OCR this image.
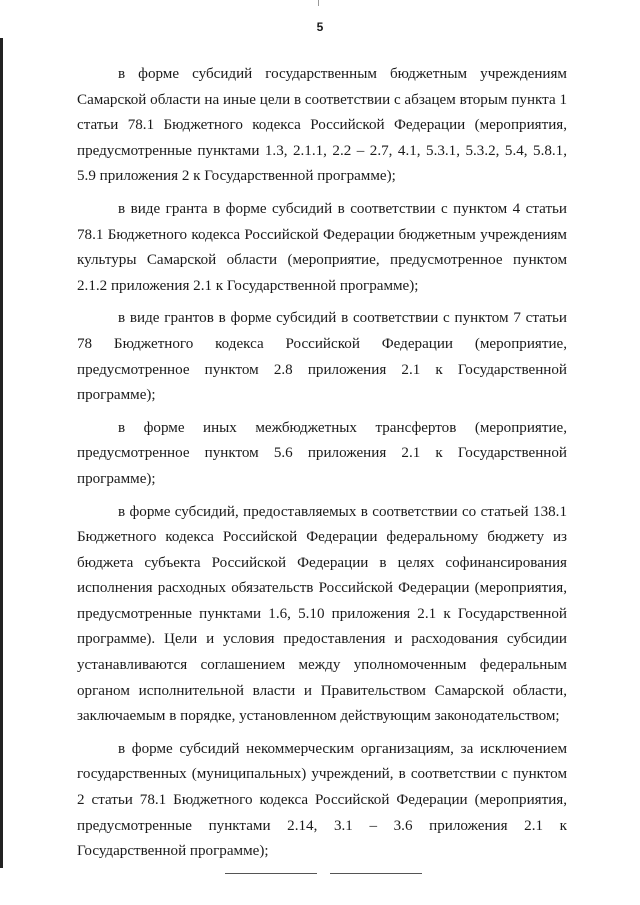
5

в форме субсидий государственным бюджетным учреждениям Самарской области на иные цели в соответствии с абзацем вторым пункта 1 статьи 78.1 Бюджетного кодекса Российской Федерации (мероприятия, предусмотренные пунктами 1.3, 2.1.1, 2.2 – 2.7, 4.1, 5.3.1, 5.3.2, 5.4, 5.8.1, 5.9 приложения 2 к Государственной программе);

в виде гранта в форме субсидий в соответствии с пунктом 4 статьи 78.1 Бюджетного кодекса Российской Федерации бюджетным учреждениям культуры Самарской области (мероприятие, предусмотренное пунктом 2.1.2 приложения 2.1 к Государственной программе);

в виде грантов в форме субсидий в соответствии с пунктом 7 статьи 78 Бюджетного кодекса Российской Федерации (мероприятие, предусмотренное пунктом 2.8 приложения 2.1 к Государственной программе);

в форме иных межбюджетных трансфертов (мероприятие, предусмотренное пунктом 5.6 приложения 2.1 к Государственной программе);

в форме субсидий, предоставляемых в соответствии со статьей 138.1 Бюджетного кодекса Российской Федерации федеральному бюджету из бюджета субъекта Российской Федерации в целях софинансирования исполнения расходных обязательств Российской Федерации (мероприятия, предусмотренные пунктами 1.6, 5.10 приложения 2.1 к Государственной программе). Цели и условия предоставления и расходования субсидии устанавливаются соглашением между уполномоченным федеральным органом исполнительной власти и Правительством Самарской области, заключаемым в порядке, установленном действующим законодательством;

в форме субсидий некоммерческим организациям, за исключением государственных (муниципальных) учреждений, в соответствии с пунктом 2 статьи 78.1 Бюджетного кодекса Российской Федерации (мероприятия, предусмотренные пунктами 2.14, 3.1 – 3.6 приложения 2.1 к Государственной программе);
